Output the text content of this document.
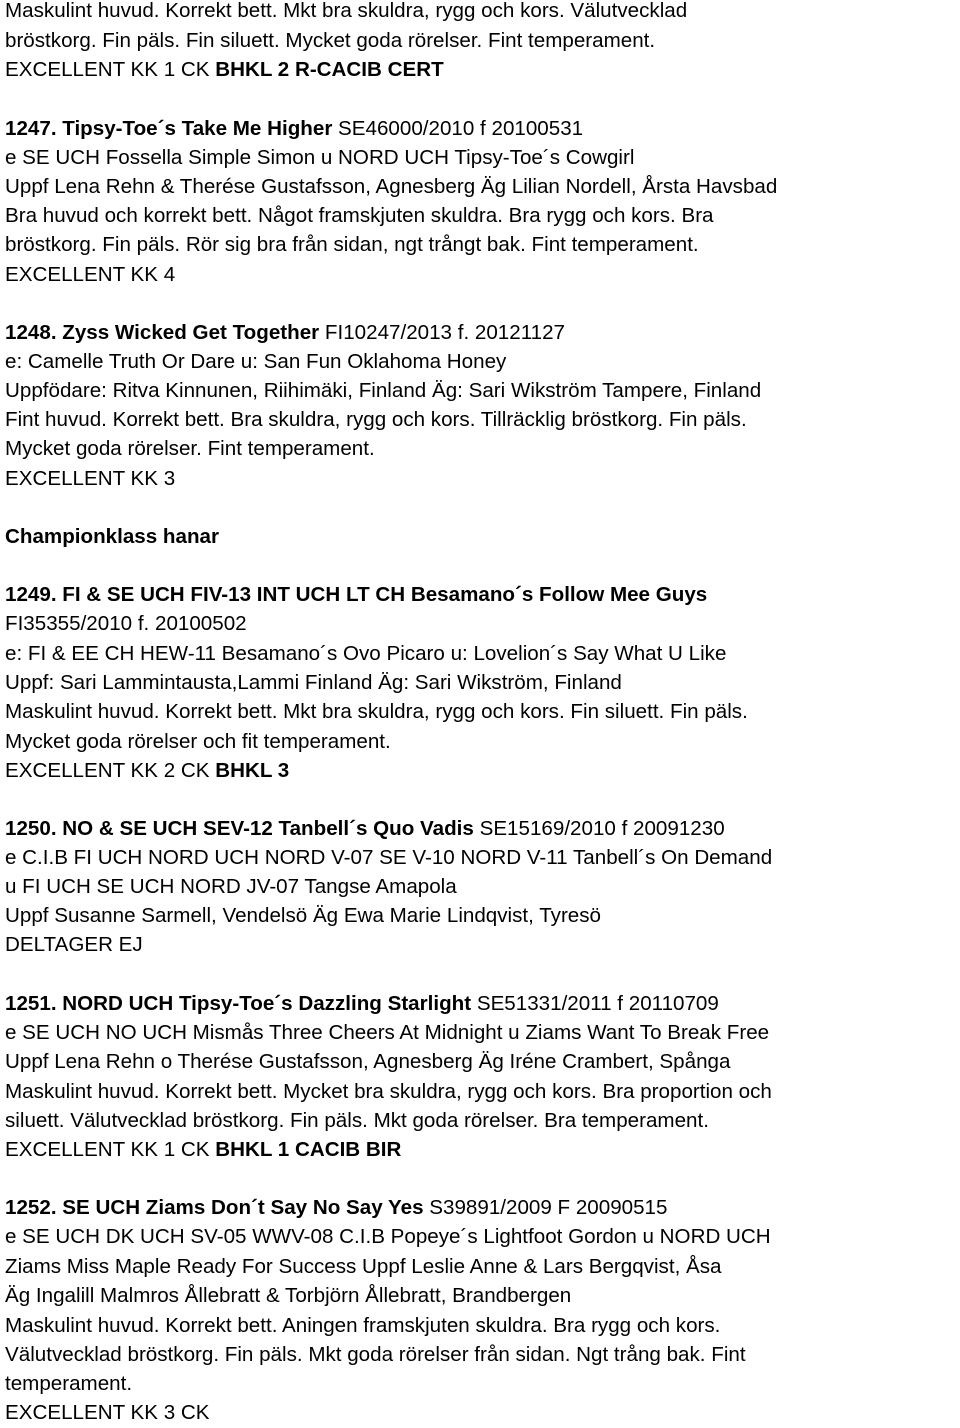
Maskulint huvud. Korrekt bett. Mkt bra skuldra, rygg och kors. Välutvecklad
bröstkorg. Fin päls. Fin siluett. Mycket goda rörelser. Fint temperament.
EXCELLENT KK 1 CK BHKL 2 R-CACIB CERT
1247. Tipsy-Toe´s Take Me Higher SE46000/2010 f 20100531
e SE UCH Fossella Simple Simon u NORD UCH Tipsy-Toe´s Cowgirl
Uppf Lena Rehn & Therése Gustafsson, Agnesberg Äg Lilian Nordell, Årsta Havsbad
Bra huvud och korrekt bett. Något framskjuten skuldra. Bra rygg och kors. Bra
bröstkorg. Fin päls. Rör sig bra från sidan, ngt trångt bak. Fint temperament.
EXCELLENT KK 4
1248. Zyss Wicked Get Together FI10247/2013 f. 20121127
e: Camelle Truth Or Dare u: San Fun Oklahoma Honey
Uppfödare: Ritva Kinnunen, Riihimäki, Finland Äg: Sari Wikström Tampere, Finland
Fint huvud. Korrekt bett. Bra skuldra, rygg och kors. Tillräcklig bröstkorg. Fin päls.
Mycket goda rörelser. Fint temperament.
EXCELLENT KK 3
Championklass hanar
1249. FI & SE UCH FIV-13 INT UCH LT CH Besamano´s Follow Mee Guys
FI35355/2010 f. 20100502
e: FI & EE CH HEW-11 Besamano´s Ovo Picaro u: Lovelion´s Say What U Like
Uppf: Sari Lammintausta,Lammi Finland Äg: Sari Wikström, Finland
Maskulint huvud. Korrekt bett. Mkt bra skuldra, rygg och kors. Fin siluett. Fin päls.
Mycket goda rörelser och fit temperament.
EXCELLENT KK 2 CK BHKL 3
1250. NO & SE UCH SEV-12 Tanbell´s Quo Vadis SE15169/2010 f 20091230
e C.I.B FI UCH NORD UCH NORD V-07 SE V-10 NORD V-11 Tanbell´s On Demand
u FI UCH SE UCH NORD JV-07 Tangse Amapola
Uppf Susanne Sarmell, Vendelsö Äg Ewa Marie Lindqvist, Tyresö
DELTAGER EJ
1251. NORD UCH Tipsy-Toe´s Dazzling Starlight SE51331/2011 f 20110709
e SE UCH NO UCH Mismås Three Cheers At Midnight u Ziams Want To Break Free
Uppf Lena Rehn o Therése Gustafsson, Agnesberg Äg Iréne Crambert, Spånga
Maskulint huvud. Korrekt bett. Mycket bra skuldra, rygg och kors. Bra proportion och
siluett. Välutvecklad bröstkorg. Fin päls. Mkt goda rörelser. Bra temperament.
EXCELLENT KK 1 CK BHKL 1 CACIB BIR
1252. SE UCH Ziams Don´t Say No Say Yes S39891/2009 F 20090515
e SE UCH DK UCH SV-05 WWV-08 C.I.B Popeye´s Lightfoot Gordon u NORD UCH
Ziams Miss Maple Ready For Success Uppf Leslie Anne & Lars Bergqvist, Åsa
Äg Ingalill Malmros Ållebratt & Torbjörn Ållebratt, Brandbergen
Maskulint huvud. Korrekt bett. Aningen framskjuten skuldra. Bra rygg och kors.
Välutvecklad bröstkorg. Fin päls. Mkt goda rörelser från sidan. Ngt trång bak. Fint
temperament.
EXCELLENT KK 3 CK
